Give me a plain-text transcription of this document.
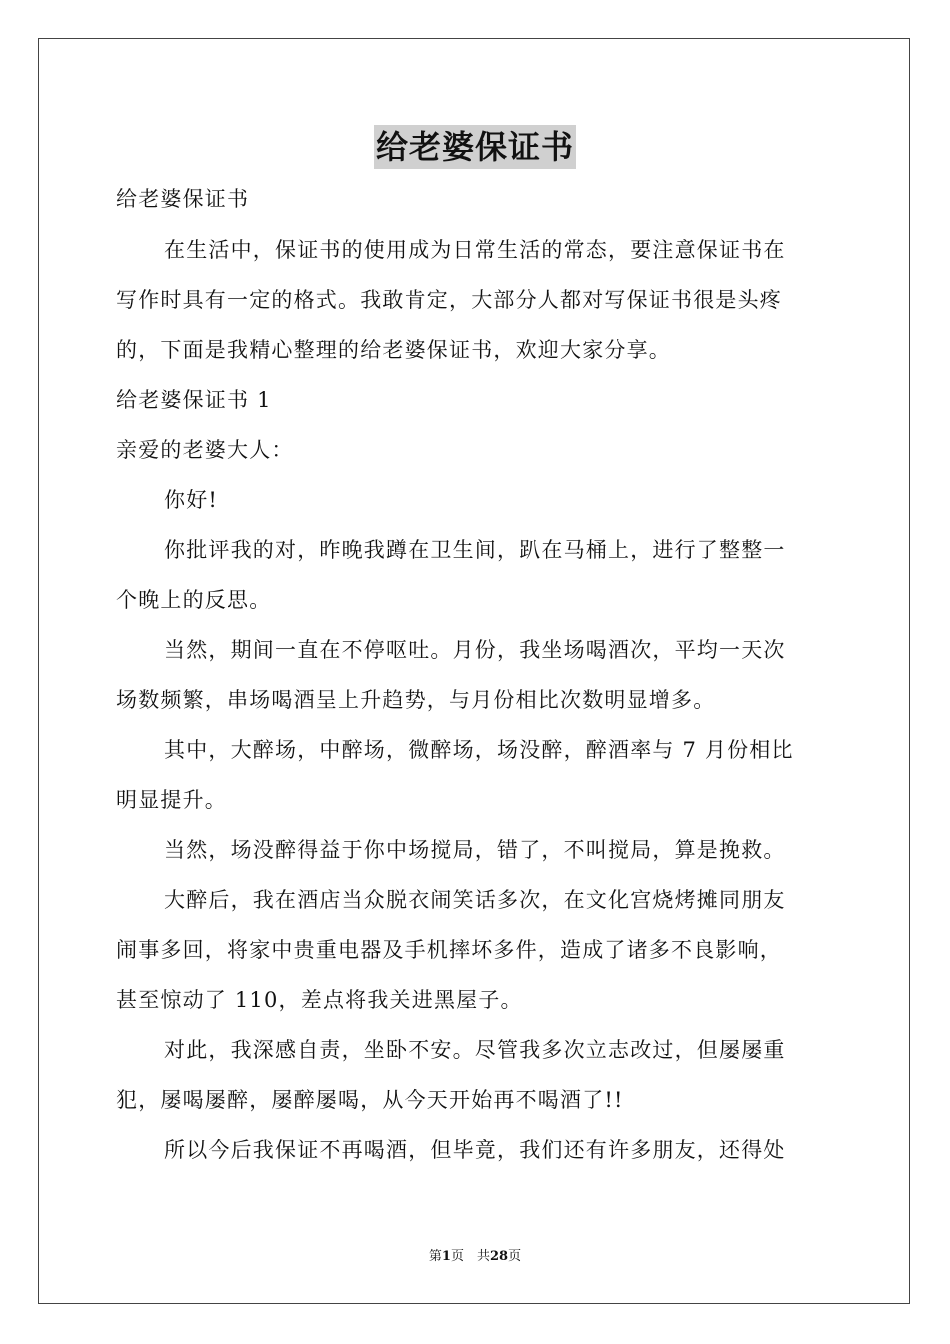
给老婆保证书
给老婆保证书
在生活中，保证书的使用成为日常生活的常态，要注意保证书在
写作时具有一定的格式。我敢肯定，大部分人都对写保证书很是头疼
的，下面是我精心整理的给老婆保证书，欢迎大家分享。
给老婆保证书 1
亲爱的老婆大人：
你好!
你批评我的对，昨晚我蹲在卫生间，趴在马桶上，进行了整整一
个晚上的反思。
当然，期间一直在不停呕吐。月份，我坐场喝酒次，平均一天次
场数频繁，串场喝酒呈上升趋势，与月份相比次数明显增多。
其中，大醉场，中醉场，微醉场，场没醉，醉酒率与 7 月份相比
明显提升。
当然，场没醉得益于你中场搅局，错了，不叫搅局，算是挽救。
大醉后，我在酒店当众脱衣闹笑话多次，在文化宫烧烤摊同朋友
闹事多回，将家中贵重电器及手机摔坏多件，造成了诸多不良影响，
甚至惊动了 110，差点将我关进黑屋子。
对此，我深感自责，坐卧不安。尽管我多次立志改过，但屡屡重
犯，屡喝屡醉，屡醉屡喝，从今天开始再不喝酒了!!
所以今后我保证不再喝酒，但毕竟，我们还有许多朋友，还得处
第1页　共28页
